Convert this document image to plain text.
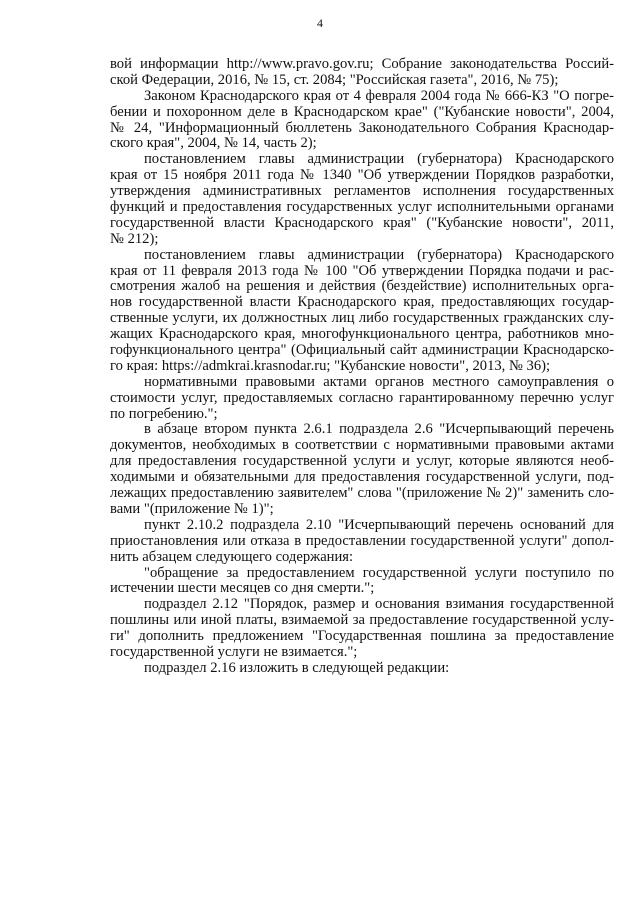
4
вой информации http://www.pravo.gov.ru; Собрание законодательства Россий-
ской Федерации, 2016, № 15, ст. 2084; "Российская газета", 2016, № 75);
Законом Краснодарского края от 4 февраля 2004 года № 666-КЗ "О погре-
бении и похоронном деле в Краснодарском крае" ("Кубанские новости", 2004,
№ 24, "Информационный бюллетень Законодательного Собрания Краснодар-
ского края", 2004, № 14, часть 2);
постановлением главы администрации (губернатора) Краснодарского
края от 15 ноября 2011 года № 1340 "Об утверждении Порядков разработки,
утверждения административных регламентов исполнения государственных
функций и предоставления государственных услуг исполнительными органами
государственной власти Краснодарского края" ("Кубанские новости", 2011,
№ 212);
постановлением главы администрации (губернатора) Краснодарского
края от 11 февраля 2013 года № 100 "Об утверждении Порядка подачи и рас-
смотрения жалоб на решения и действия (бездействие) исполнительных орга-
нов государственной власти Краснодарского края, предоставляющих государ-
ственные услуги, их должностных лиц либо государственных гражданских слу-
жащих Краснодарского края, многофункционального центра, работников мно-
гофункционального центра" (Официальный сайт администрации Краснодарско-
го края: https://admkrai.krasnodar.ru; "Кубанские новости", 2013, № 36);
нормативными правовыми актами органов местного самоуправления о
стоимости услуг, предоставляемых согласно гарантированному перечню услуг
по погребению.";
в абзаце втором пункта 2.6.1 подраздела 2.6 "Исчерпывающий перечень
документов, необходимых в соответствии с нормативными правовыми актами
для предоставления государственной услуги и услуг, которые являются необ-
ходимыми и обязательными для предоставления государственной услуги, под-
лежащих предоставлению заявителем" слова "(приложение № 2)" заменить сло-
вами "(приложение № 1)";
пункт 2.10.2 подраздела 2.10 "Исчерпывающий перечень оснований для
приостановления или отказа в предоставлении государственной услуги" допол-
нить абзацем следующего содержания:
"обращение за предоставлением государственной услуги поступило по
истечении шести месяцев со дня смерти.";
подраздел 2.12 "Порядок, размер и основания взимания государственной
пошлины или иной платы, взимаемой за предоставление государственной услу-
ги" дополнить предложением "Государственная пошлина за предоставление
государственной услуги не взимается.";
подраздел 2.16 изложить в следующей редакции:
